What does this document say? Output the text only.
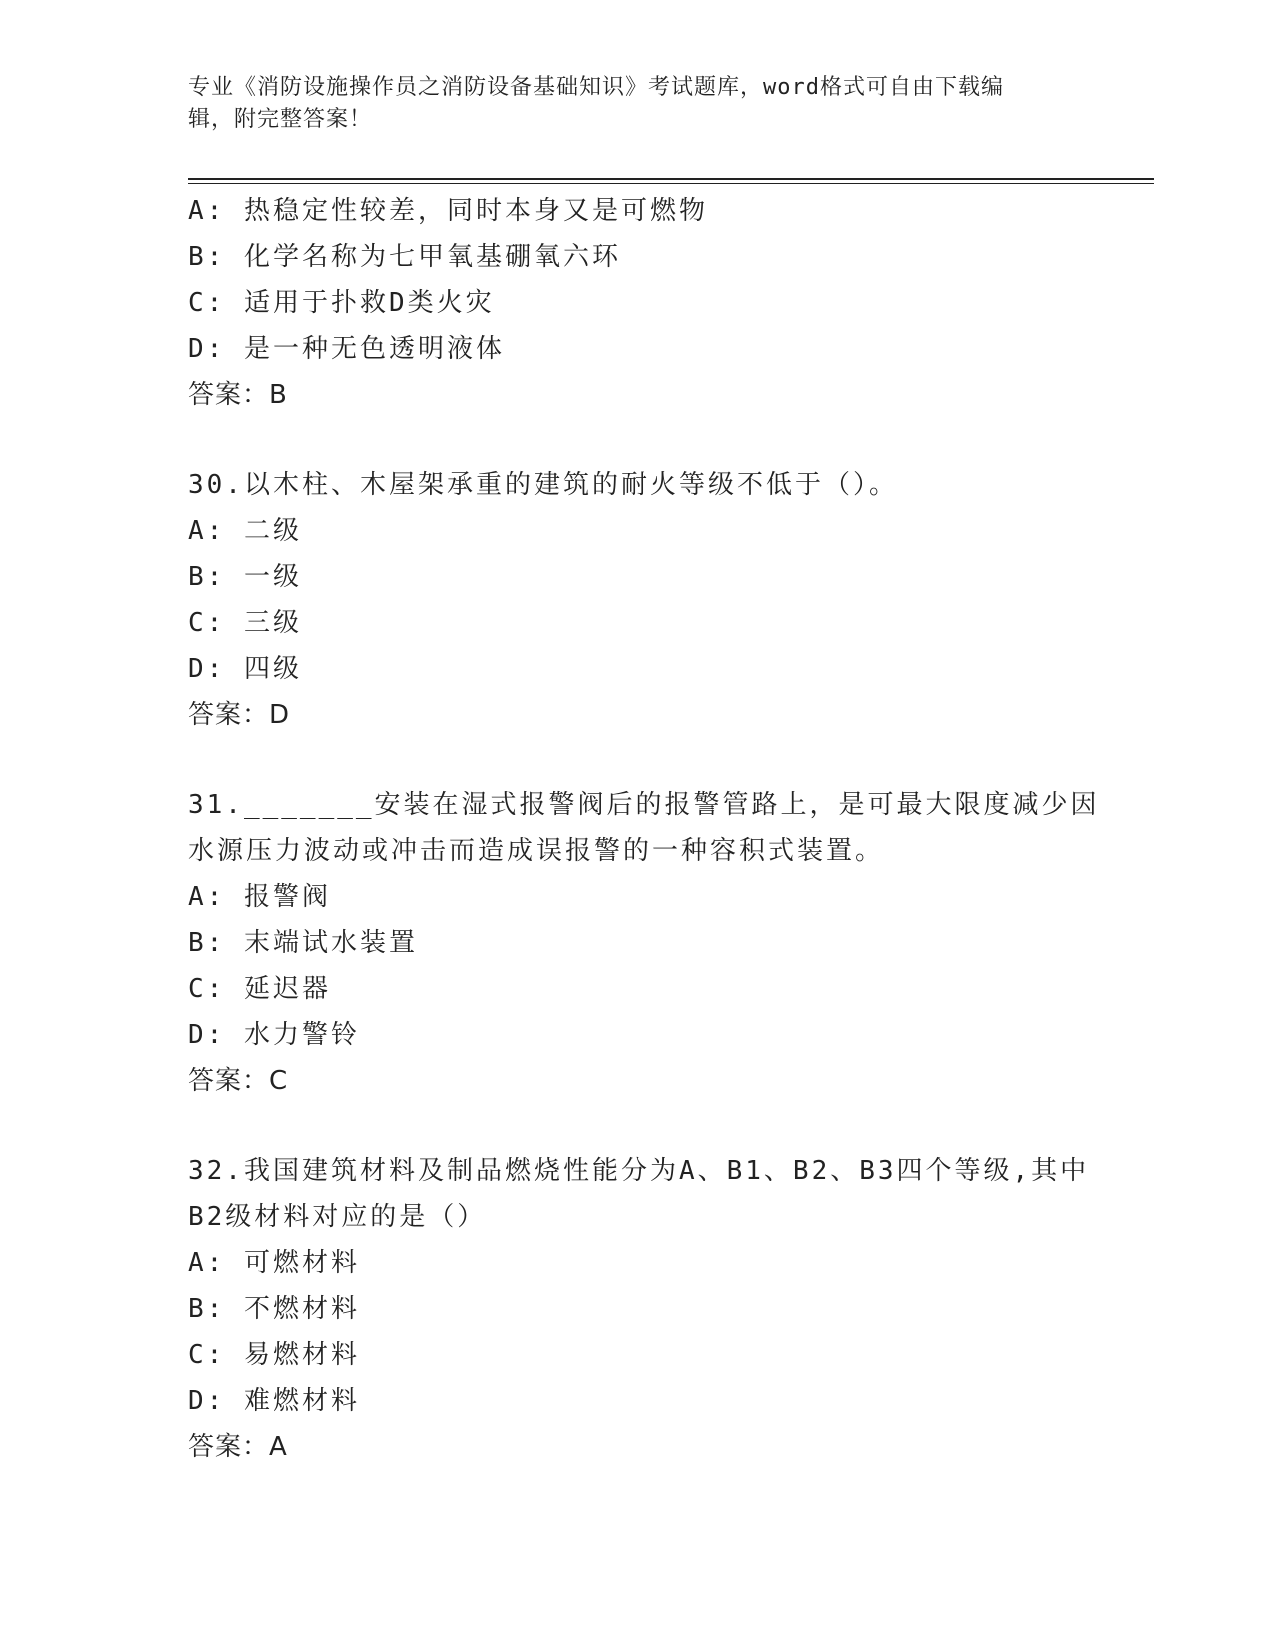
专业《消防设施操作员之消防设备基础知识》考试题库，word格式可自由下载编
辑，附完整答案！
A: 热稳定性较差，同时本身又是可燃物
B: 化学名称为七甲氧基硼氧六环
C: 适用于扑救D类火灾
D: 是一种无色透明液体
答案：B
30.以木柱、木屋架承重的建筑的耐火等级不低于（）。
A: 二级
B: 一级
C: 三级
D: 四级
答案：D
31._______安装在湿式报警阀后的报警管路上，是可最大限度减少因
水源压力波动或冲击而造成误报警的一种容积式装置。
A: 报警阀
B: 末端试水装置
C: 延迟器
D: 水力警铃
答案：C
32.我国建筑材料及制品燃烧性能分为A、B1、B2、B3四个等级,其中
B2级材料对应的是（）
A: 可燃材料
B: 不燃材料
C: 易燃材料
D: 难燃材料
答案：A
